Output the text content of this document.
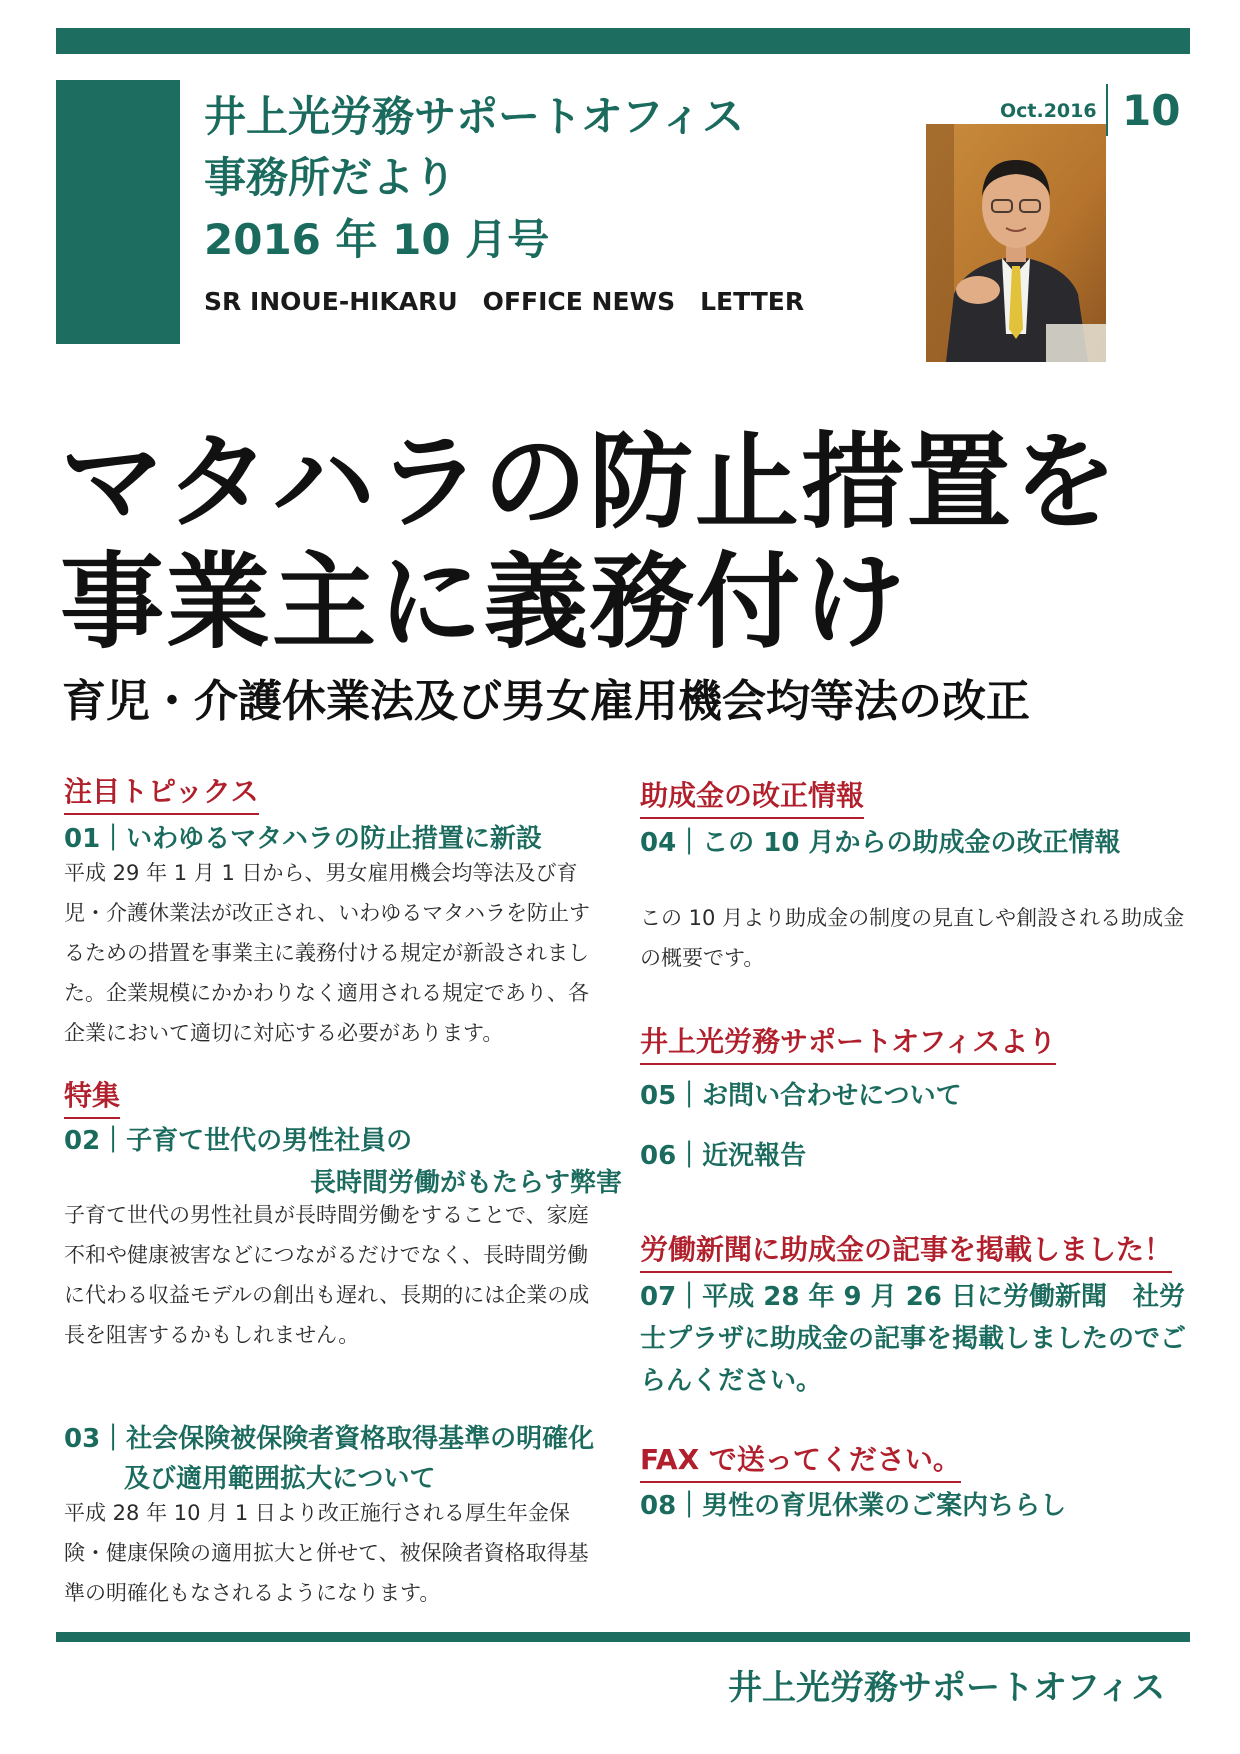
井上光労務サポートオフィス
事務所だより
2016 年 10 月号
SR INOUE-HIKARU　OFFICE NEWS　LETTER
Oct.2016 10
マタハラの防止措置を
事業主に義務付け
育児・介護休業法及び男女雇用機会均等法の改正
注目トピックス
01｜いわゆるマタハラの防止措置に新設
平成 29 年 1 月 1 日から、男女雇用機会均等法及び育児・介護休業法が改正され、いわゆるマタハラを防止するための措置を事業主に義務付ける規定が新設されました。企業規模にかかわりなく適用される規定であり、各企業において適切に対応する必要があります。
特集
02｜子育て世代の男性社員の
長時間労働がもたらす弊害
子育て世代の男性社員が長時間労働をすることで、家庭不和や健康被害などにつながるだけでなく、長時間労働に代わる収益モデルの創出も遅れ、長期的には企業の成長を阻害するかもしれません。
03｜社会保険被保険者資格取得基準の明確化
及び適用範囲拡大について
平成 28 年 10 月 1 日より改正施行される厚生年金保険・健康保険の適用拡大と併せて、被保険者資格取得基準の明確化もなされるようになります。
助成金の改正情報
04｜この 10 月からの助成金の改正情報
この 10 月より助成金の制度の見直しや創設される助成金の概要です。
井上光労務サポートオフィスより
05｜お問い合わせについて
06｜近況報告
労働新聞に助成金の記事を掲載しました！
07｜平成 28 年 9 月 26 日に労働新聞　社労士プラザに助成金の記事を掲載しましたのでごらんください。
FAX で送ってください。
08｜男性の育児休業のご案内ちらし
井上光労務サポートオフィス
